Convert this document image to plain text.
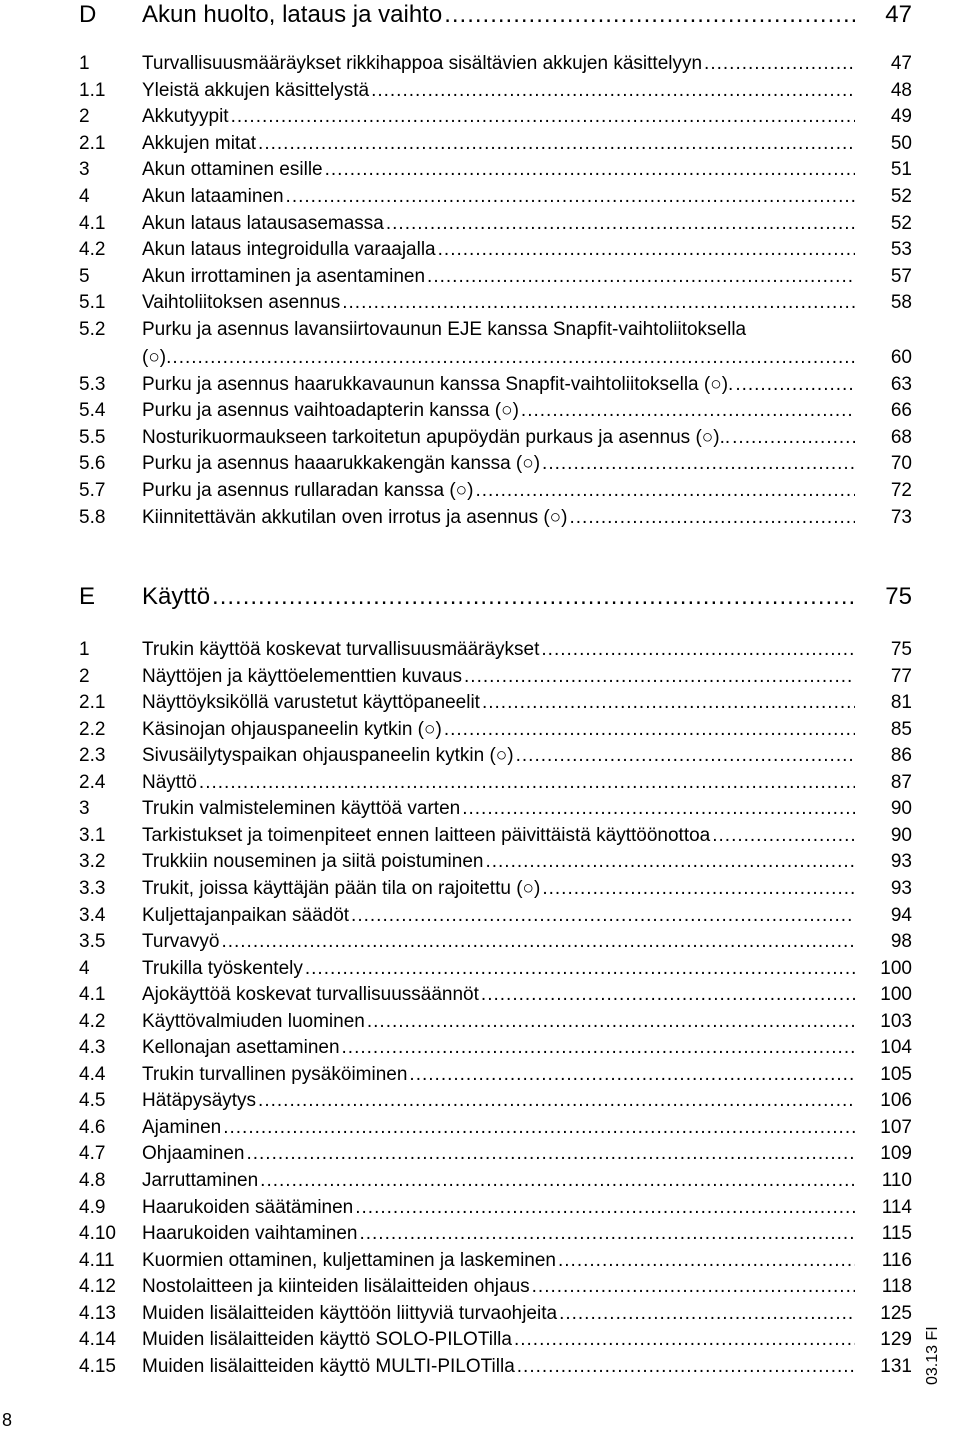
D Akun huolto, lataus ja vaihto .....	47
1	Turvallisuusmääräykset rikkihappoa sisältävien akkujen käsittelyyn .....	47
1.1 Yleistä akkujen käsittelystä .....	48
2	Akkutyypit .....	49
2.1 Akkujen mitat .....	50
3	Akun ottaminen esille .....	51
4	Akun lataaminen .....	52
4.1 Akun lataus latausasemassa .....	52
4.2 Akun lataus integroidulla varaajalla .....	53
5	Akun irrottaminen ja asentaminen .....	57
5.1 Vaihtoliitoksen asennus .....	58
5.2 Purku ja asennus lavansiirtovaunun EJE kanssa Snapfit-vaihtoliitoksella
(○) .....	60
5.3 Purku ja asennus haarukkavaunun kanssa Snapfit-vaihtoliitoksella (○). .....	63
5.4 Purku ja asennus vaihtoadapterin kanssa (○) .....	66
5.5 Nosturikuormaukseen tarkoitetun apupöydän purkaus ja asennus (○).. .....	68
5.6 Purku ja asennus haaarukkakengän kanssa (○) .....	70
5.7 Purku ja asennus rullaradan kanssa (○) .....	72
5.8 Kiinnitettävän akkutilan oven irrotus ja asennus (○) .....	73
E Käyttö .....	75
1	Trukin käyttöä koskevat turvallisuusmääräykset .....	75
2	Näyttöjen ja käyttöelementtien kuvaus .....	77
2.1 Näyttöyksiköllä varustetut käyttöpaneelit .....	81
2.2 Käsinojan ohjauspaneelin kytkin (○) .....	85
2.3 Sivusäilytyspaikan ohjauspaneelin kytkin (○) .....	86
2.4 Näyttö .....	87
3	Trukin valmisteleminen käyttöä varten .....	90
3.1 Tarkistukset ja toimenpiteet ennen laitteen päivittäistä käyttöönottoa .....	90
3.2 Trukkiin nouseminen ja siitä poistuminen .....	93
3.3 Trukit, joissa käyttäjän pään tila on rajoitettu (○) .....	93
3.4 Kuljettajanpaikan säädöt .....	94
3.5 Turvavyö .....	98
4	Trukilla työskentely .....	100
4.1 Ajokäyttöä koskevat turvallisuussäännöt .....	100
4.2 Käyttövalmiuden luominen .....	103
4.3 Kellonajan asettaminen .....	104
4.4 Trukin turvallinen pysäköiminen .....	105
4.5 Hätäpysäytys .....	106
4.6 Ajaminen .....	107
4.7 Ohjaaminen .....	109
4.8 Jarruttaminen .....	110
4.9 Haarukoiden säätäminen .....	114
4.10 Haarukoiden vaihtaminen .....	115
4.11 Kuormien ottaminen, kuljettaminen ja laskeminen .....	116
4.12 Nostolaitteen ja kiinteiden lisälaitteiden ohjaus .....	118
4.13 Muiden lisälaitteiden käyttöön liittyviä turvaohjeita .....	125
4.14 Muiden lisälaitteiden käyttö SOLO-PILOTilla .....	129
4.15 Muiden lisälaitteiden käyttö MULTI-PILOTilla .....	131
8
03.13 FI
